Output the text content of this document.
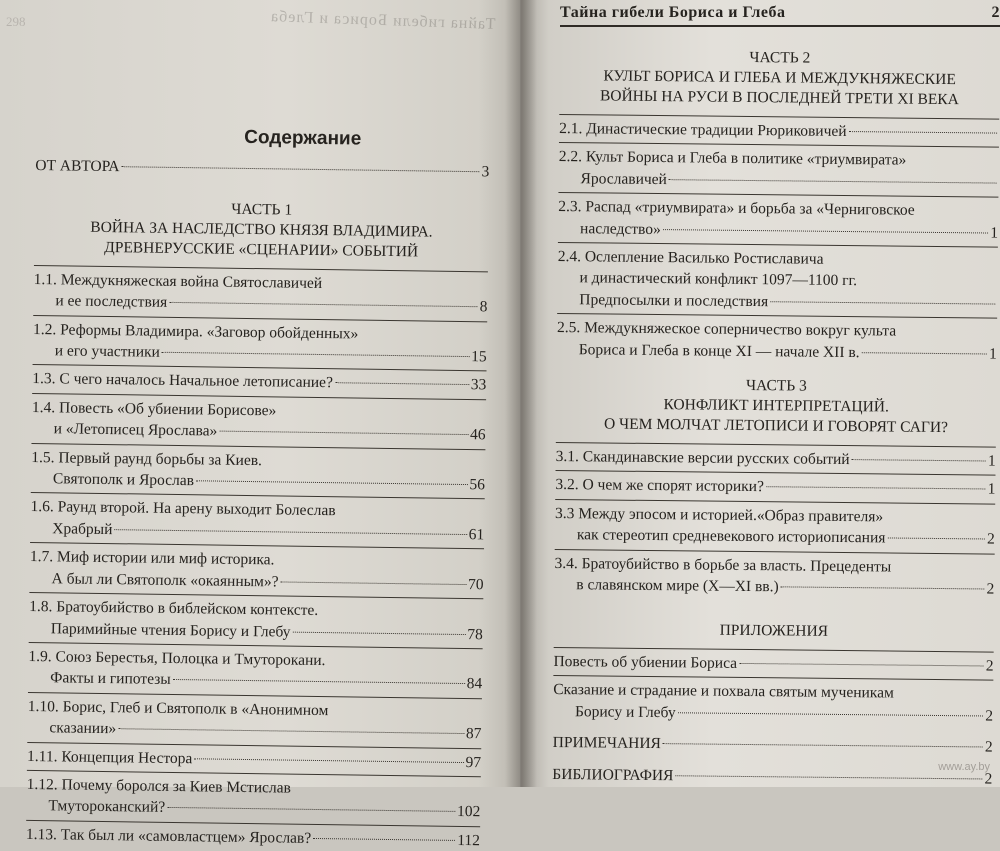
298	Тайна гибели Бориса и Глеба
Содержание
ОТ АВТОРА	3
ЧАСТЬ 1
ВОЙНА ЗА НАСЛЕДСТВО КНЯЗЯ ВЛАДИМИРА.
ДРЕВНЕРУССКИЕ «СЦЕНАРИИ» СОБЫТИЙ
1.1. Междукняжеская война Святославичей
и ее последствия	8
1.2. Реформы Владимира. «Заговор обойденных»
и его участники	15
1.3. С чего началось Начальное летописание?	33
1.4. Повесть «Об убиении Борисове»
и «Летописец Ярослава»	46
1.5. Первый раунд борьбы за Киев.
Святополк и Ярослав	56
1.6. Раунд второй. На арену выходит Болеслав
Храбрый	61
1.7. Миф истории или миф историка.
А был ли Святополк «окаянным»?	70
1.8. Братоубийство в библейском контексте.
Паримийные чтения Борису и Глебу	78
1.9. Союз Берестья, Полоцка и Тмуторокани.
Факты и гипотезы	84
1.10. Борис, Глеб и Святополк в «Анонимном
сказании»	87
1.11. Концепция Нестора	97
1.12. Почему боролся за Киев Мстислав
Тмутороканский?	102
1.13. Так был ли «самовластцем» Ярослав?	112
Тайна гибели Бориса и Глеба	2
ЧАСТЬ 2
КУЛЬТ БОРИСА И ГЛЕБА И МЕЖДУКНЯЖЕСКИЕ
ВОЙНЫ НА РУСИ В ПОСЛЕДНЕЙ ТРЕТИ XI ВЕКА
2.1. Династические традиции Рюриковичей
2.2. Культ Бориса и Глеба в политике «триумвирата»
Ярославичей
2.3. Распад «триумвирата» и борьба за «Черниговское
наследство»	1
2.4. Ослепление Василько Ростиславича
и династический конфликт 1097—1100 гг.
Предпосылки и последствия
2.5. Междукняжеское соперничество вокруг культа
Бориса и Глеба в конце XI — начале XII в.	1
ЧАСТЬ 3
КОНФЛИКТ ИНТЕРПРЕТАЦИЙ.
О ЧЕМ МОЛЧАТ ЛЕТОПИСИ И ГОВОРЯТ САГИ?
3.1. Скандинавские версии русских событий	1
3.2. О чем же спорят историки?	1
3.3 Между эпосом и историей.«Образ правителя»
как стереотип средневекового историописания	2
3.4. Братоубийство в борьбе за власть. Прецеденты
в славянском мире (X—XI вв.)	2
ПРИЛОЖЕНИЯ
Повесть об убиении Бориса	2
Сказание и страдание и похвала святым мученикам
Борису и Глебу	2
ПРИМЕЧАНИЯ	2
БИБЛИОГРАФИЯ	2
www.ay.by
